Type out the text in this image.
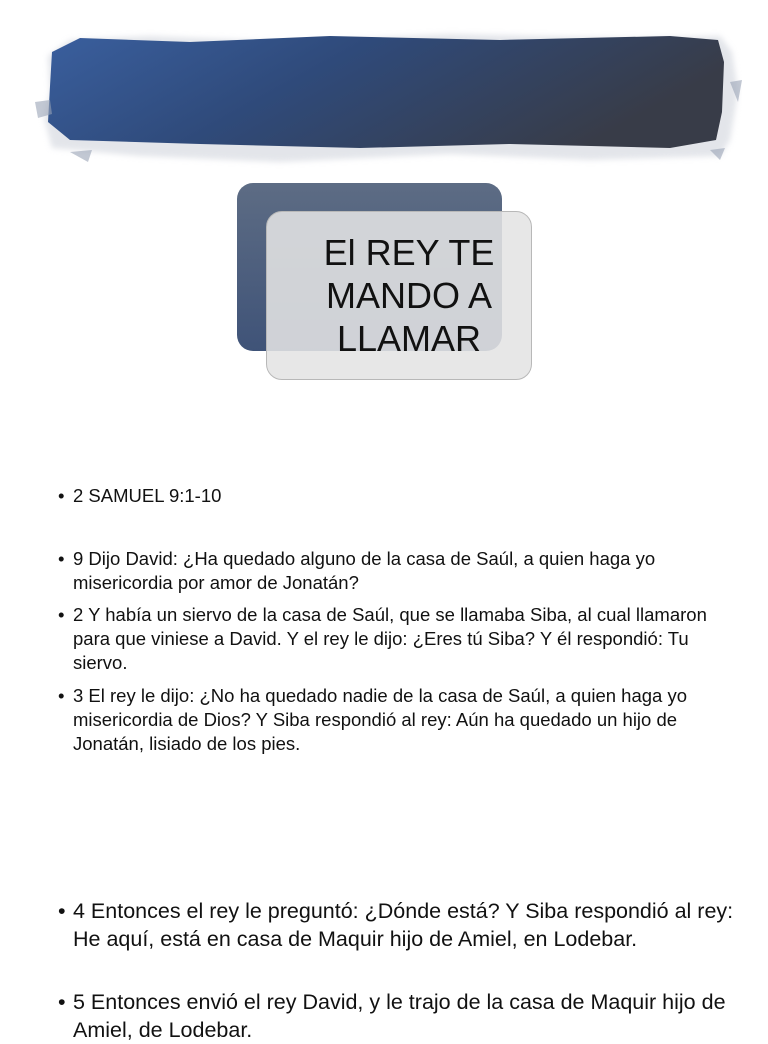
El REY TE
MANDO A
LLAMAR
• 2 SAMUEL 9:1-10
• 9 Dijo David: ¿Ha quedado alguno de la casa de Saúl, a quien haga yo misericordia por amor de Jonatán?
• 2 Y había un siervo de la casa de Saúl, que se llamaba Siba, al cual llamaron para que viniese a David. Y el rey le dijo: ¿Eres tú Siba? Y él respondió: Tu siervo.
• 3 El rey le dijo: ¿No ha quedado nadie de la casa de Saúl, a quien haga yo misericordia de Dios? Y Siba respondió al rey: Aún ha quedado un hijo de Jonatán, lisiado de los pies.
• 4 Entonces el rey le preguntó: ¿Dónde está? Y Siba respondió al rey: He aquí, está en casa de Maquir hijo de Amiel, en Lodebar.
• 5 Entonces envió el rey David, y le trajo de la casa de Maquir hijo de Amiel, de Lodebar.
